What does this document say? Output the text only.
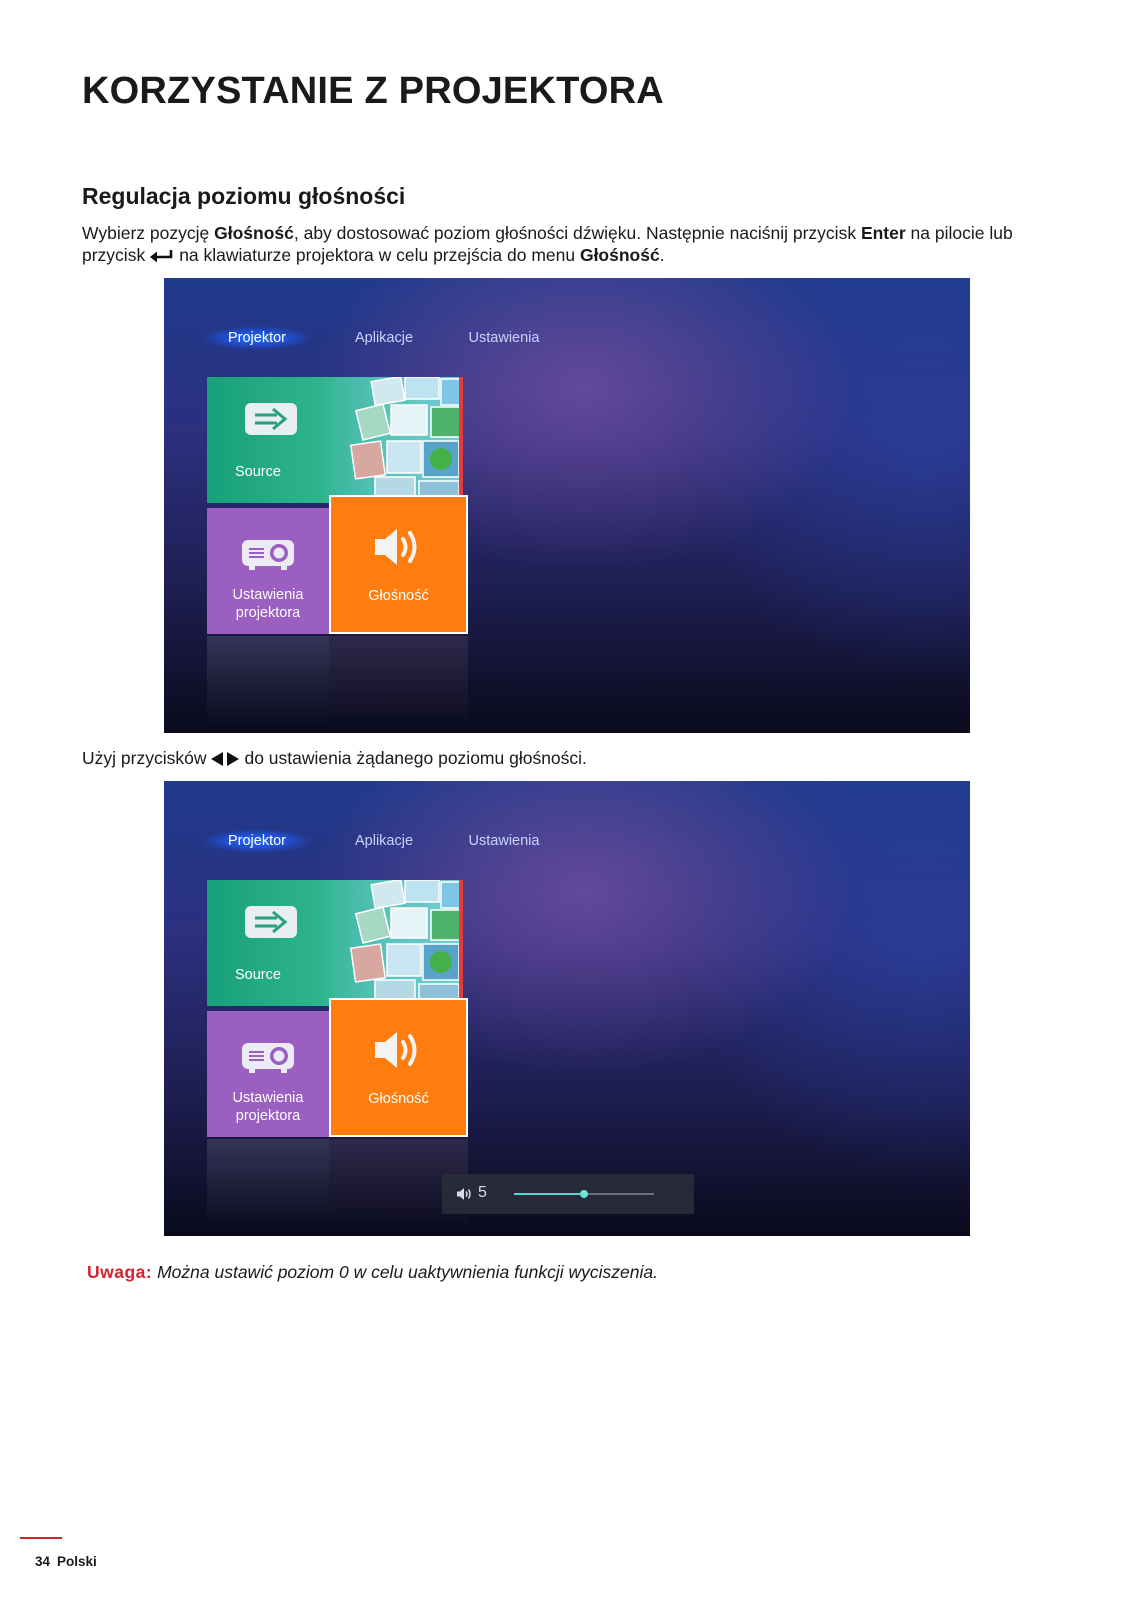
KORZYSTANIE Z PROJEKTORA
Regulacja poziomu głośności

Wybierz pozycję Głośność, aby dostosować poziom głośności dźwięku. Następnie naciśnij przycisk Enter na pilocie lub przycisk na klawiaturze projektora w celu przejścia do menu Głośność.

Projektor	Aplikacje	Ustawienia
Source
Ustawienia
projektora
Głośność

Użyj przycisków do ustawienia żądanego poziomu głośności.

Projektor	Aplikacje	Ustawienia
Source
Ustawienia
projektora
Głośność
5

Uwaga: Można ustawić poziom 0 w celu uaktywnienia funkcji wyciszenia.

34 Polski
